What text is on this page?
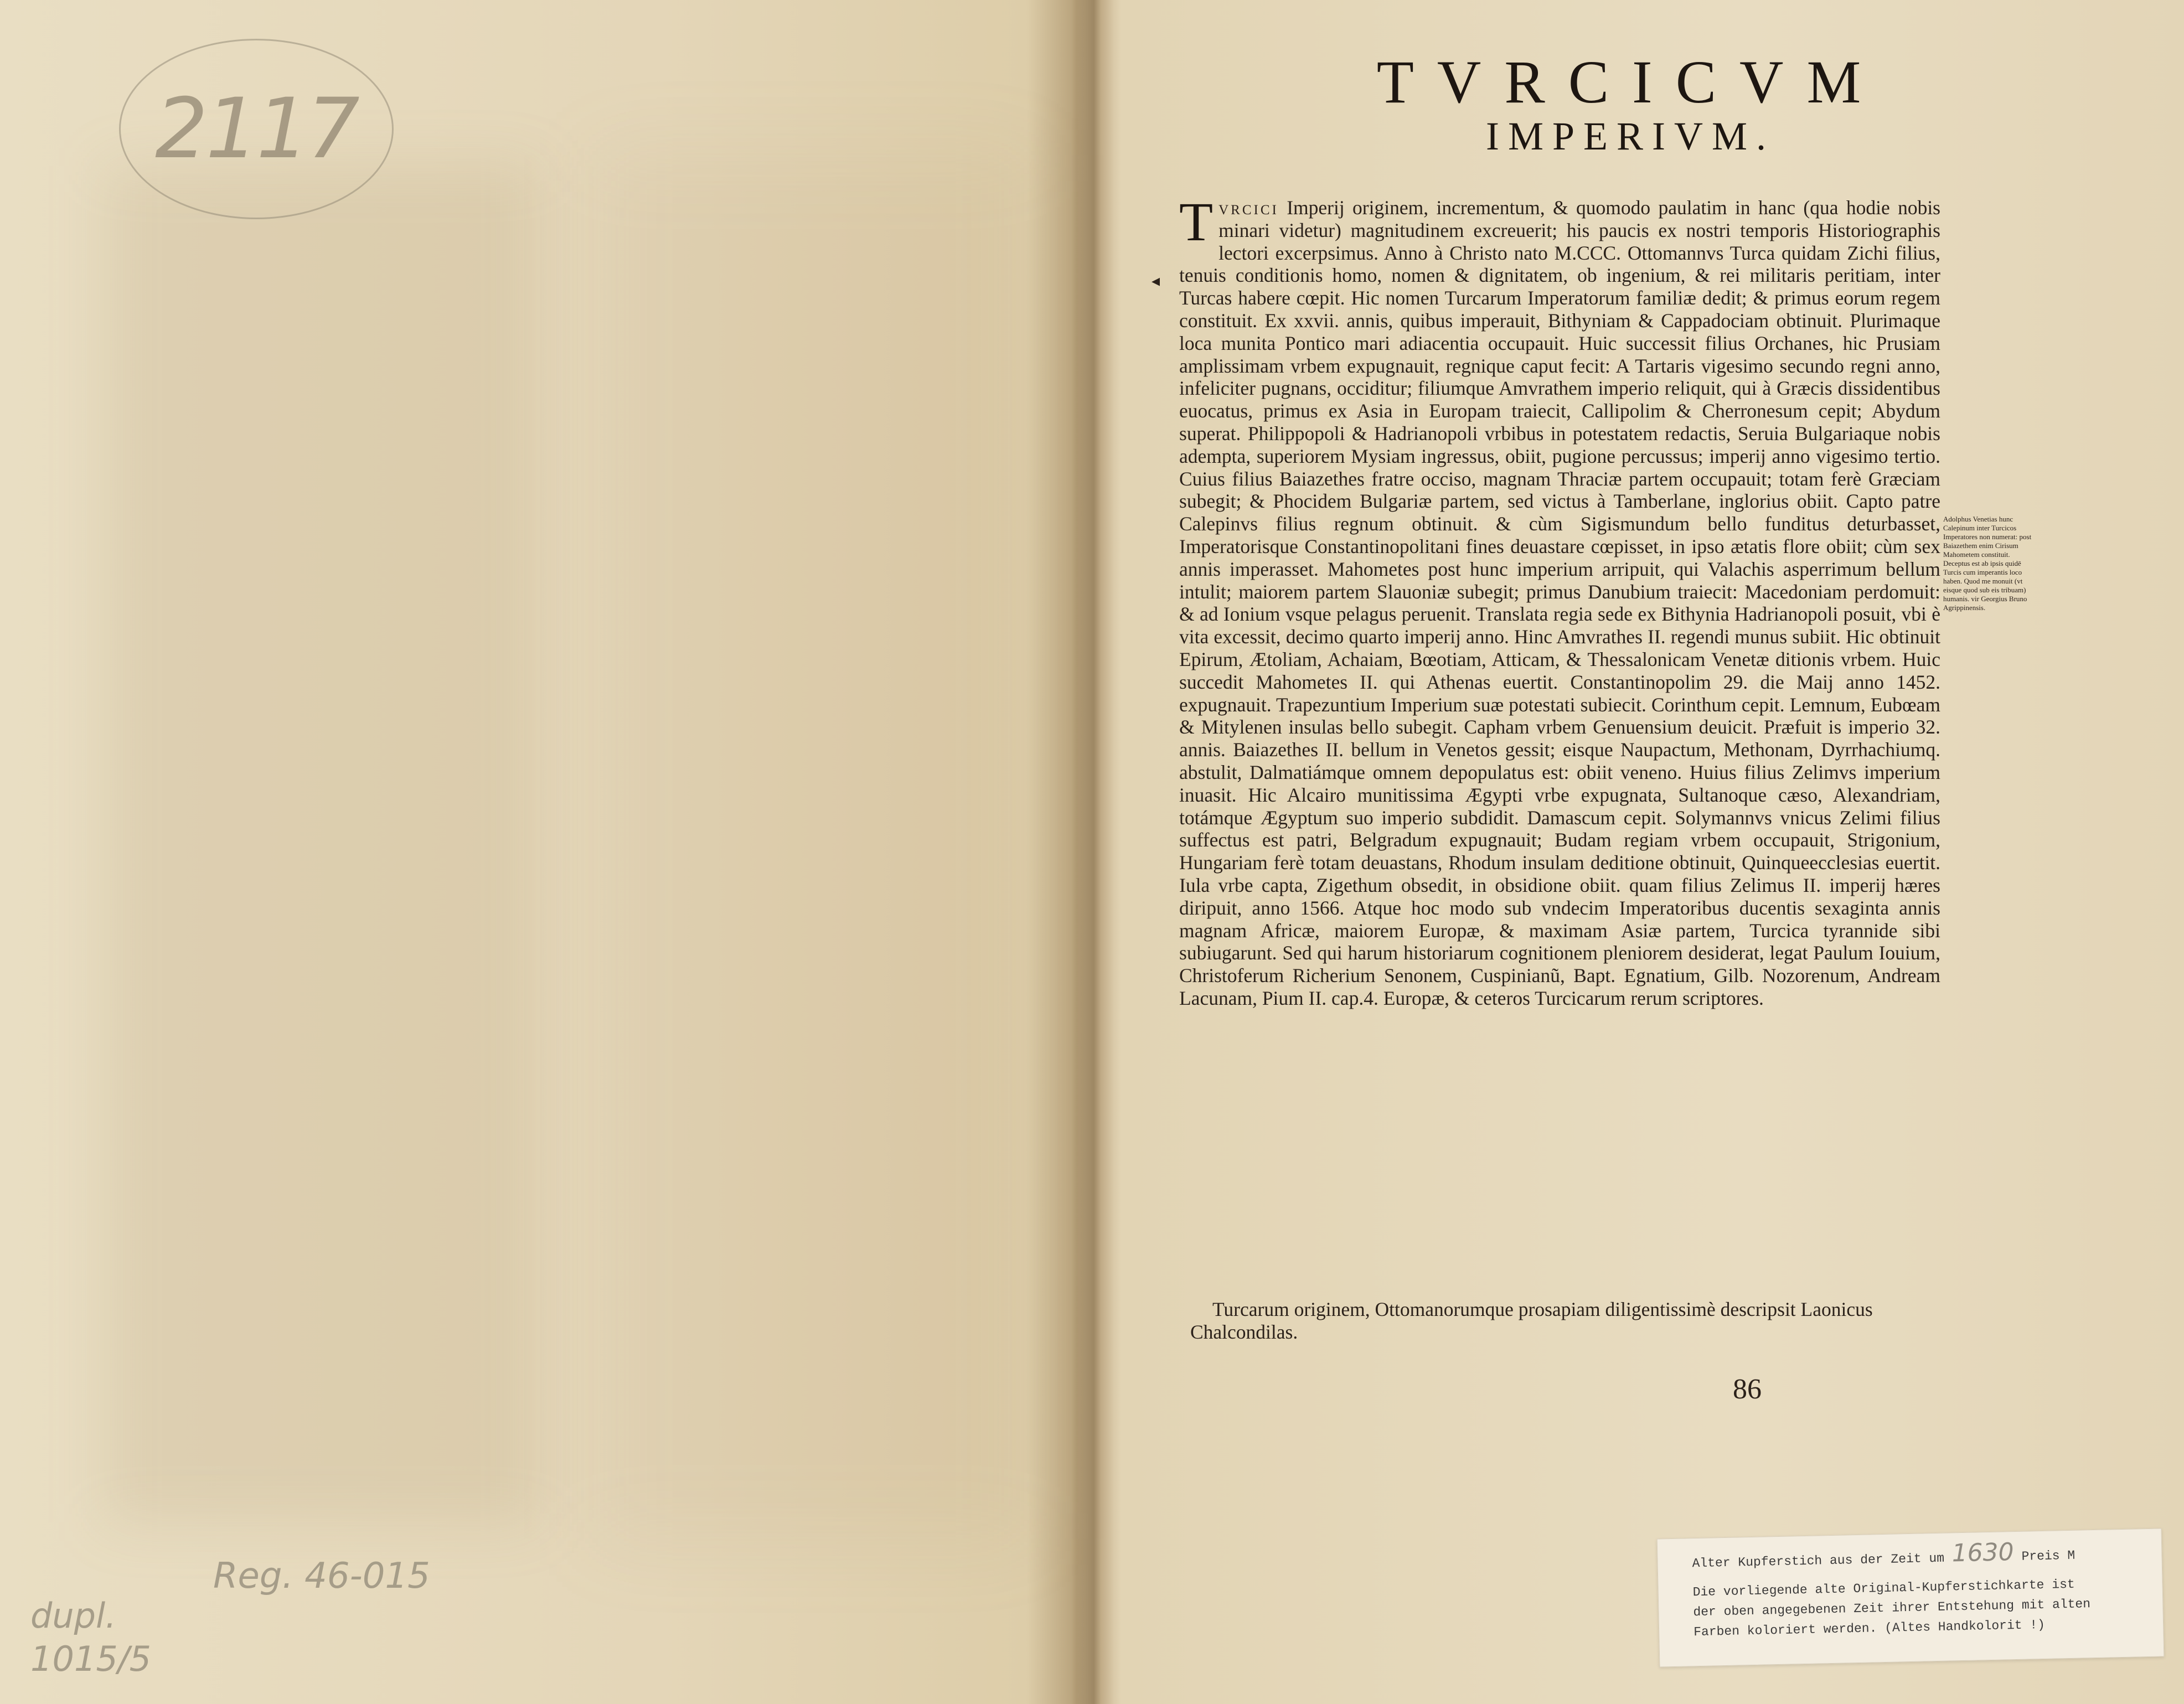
2117
Reg. 46-015
dupl.
1015/5
TVRCICVM
IMPERIVM.
◂

Tvrcici Imperij originem, incrementum, & quomodo paulatim in hanc (qua hodie nobis minari videtur) magnitudinem excreuerit; his paucis ex nostri temporis Historiographis lectori excerpsimus. Anno à Christo nato M.CCC. Ottomannvs Turca quidam Zichi filius, tenuis conditionis homo, nomen & dignitatem, ob ingenium, & rei militaris peritiam, inter Turcas habere cœpit. Hic nomen Turcarum Imperatorum familiæ dedit; & primus eorum regem constituit. Ex xxvii. annis, quibus imperauit, Bithyniam & Cappadociam obtinuit. Plurimaque loca munita Pontico mari adiacentia occupauit. Huic successit filius Orchanes, hic Prusiam amplissimam vrbem expugnauit, regnique caput fecit: A Tartaris vigesimo secundo regni anno, infeliciter pugnans, occiditur; filiumque Amvrathem imperio reliquit, qui à Græcis dissidentibus euocatus, primus ex Asia in Europam traiecit, Callipolim & Cherronesum cepit; Abydum superat. Philippopoli & Hadrianopoli vrbibus in potestatem redactis, Seruia Bulgariaque nobis adempta, superiorem Mysiam ingressus, obiit, pugione percussus; imperij anno vigesimo tertio. Cuius filius Baiazethes fratre occiso, magnam Thraciæ partem occupauit; totam ferè Græciam subegit; & Phocidem Bulgariæ partem, sed victus à Tamberlane, inglorius obiit. Capto patre Calepinvs filius regnum obtinuit. & cùm Sigismundum bello funditus deturbasset, Imperatorisque Constantinopolitani fines deuastare cœpisset, in ipso ætatis flore obiit; cùm sex annis imperasset. Mahometes post hunc imperium arripuit, qui Valachis asperrimum bellum intulit; maiorem partem Slauoniæ subegit; primus Danubium traiecit: Macedoniam perdomuit: & ad Ionium vsque pelagus peruenit. Translata regia sede ex Bithynia Hadrianopoli posuit, vbi è vita excessit, decimo quarto imperij anno. Hinc Amvrathes II. regendi munus subiit. Hic obtinuit Epirum, Ætoliam, Achaiam, Bœotiam, Atticam, & Thessalonicam Venetæ ditionis vrbem. Huic succedit Mahometes II. qui Athenas euertit. Constantinopolim 29. die Maij anno 1452. expugnauit. Trapezuntium Imperium suæ potestati subiecit. Corinthum cepit. Lemnum, Eubœam & Mitylenen insulas bello subegit. Capham vrbem Genuensium deuicit. Præfuit is imperio 32. annis. Baiazethes II. bellum in Venetos gessit; eisque Naupactum, Methonam, Dyrrhachiumq. abstulit, Dalmatiámque omnem depopulatus est: obiit veneno. Huius filius Zelimvs imperium inuasit. Hic Alcairo munitissima Ægypti vrbe expugnata, Sultanoque cæso, Alexandriam, totámque Ægyptum suo imperio subdidit. Damascum cepit. Solymannvs vnicus Zelimi filius suffectus est patri, Belgradum expugnauit; Budam regiam vrbem occupauit, Strigonium, Hungariam ferè totam deuastans, Rhodum insulam deditione obtinuit, Quinqueecclesias euertit. Iula vrbe capta, Zigethum obsedit, in obsidione obiit. quam filius Zelimus II. imperij hæres diripuit, anno 1566. Atque hoc modo sub vndecim Imperatoribus ducentis sexaginta annis magnam Africæ, maiorem Europæ, & maximam Asiæ partem, Turcica tyrannide sibi subiugarunt. Sed qui harum historiarum cognitionem pleniorem desiderat, legat Paulum Iouium, Christoferum Richerium Senonem, Cuspinianũ, Bapt. Egnatium, Gilb. Nozorenum, Andream Lacunam, Pium II. cap.4. Europæ, & ceteros Turcicarum rerum scriptores.

Turcarum originem, Ottomanorumque prosapiam diligentissimè descripsit Laonicus Chalcondilas.
Adolphus Venetias hunc Calepinum inter Turcicos Imperatores non numerat: post Baiazethem enim Cirisum Mahometem constituit. Deceptus est ab ipsis quidē Turcis cum imperantis loco haben. Quod me monuit (vt eisque quod sub eis tribuam) humanis. vir Georgius Bruno Agrippinensis.
86
Alter Kupferstich aus der Zeit um 1630 Preis M
Die vorliegende alte Original-Kupferstichkarte ist
der oben angegebenen Zeit ihrer Entstehung mit alten
Farben koloriert werden. (Altes Handkolorit !)
